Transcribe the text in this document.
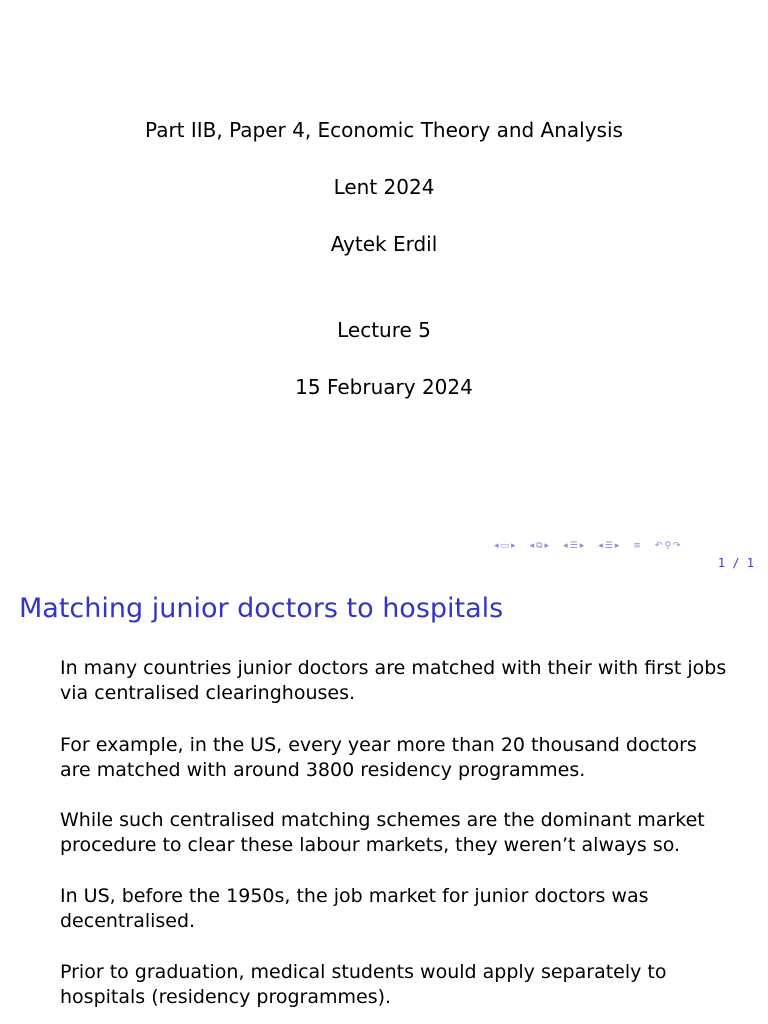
Part IIB, Paper 4, Economic Theory and Analysis
Lent 2024
Aytek Erdil
Lecture 5
15 February 2024
◂ ▭ ▸ ◂ ⧉ ▸ ◂ ☰ ▸ ◂ ☰ ▸ ≡ ↶ ⚲ ↷
1 / 1
Matching junior doctors to hospitals
In many countries junior doctors are matched with their with first jobs via centralised clearinghouses.
For example, in the US, every year more than 20 thousand doctors are matched with around 3800 residency programmes.
While such centralised matching schemes are the dominant market procedure to clear these labour markets, they weren’t always so.
In US, before the 1950s, the job market for junior doctors was decentralised.
Prior to graduation, medical students would apply separately to hospitals (residency programmes).
